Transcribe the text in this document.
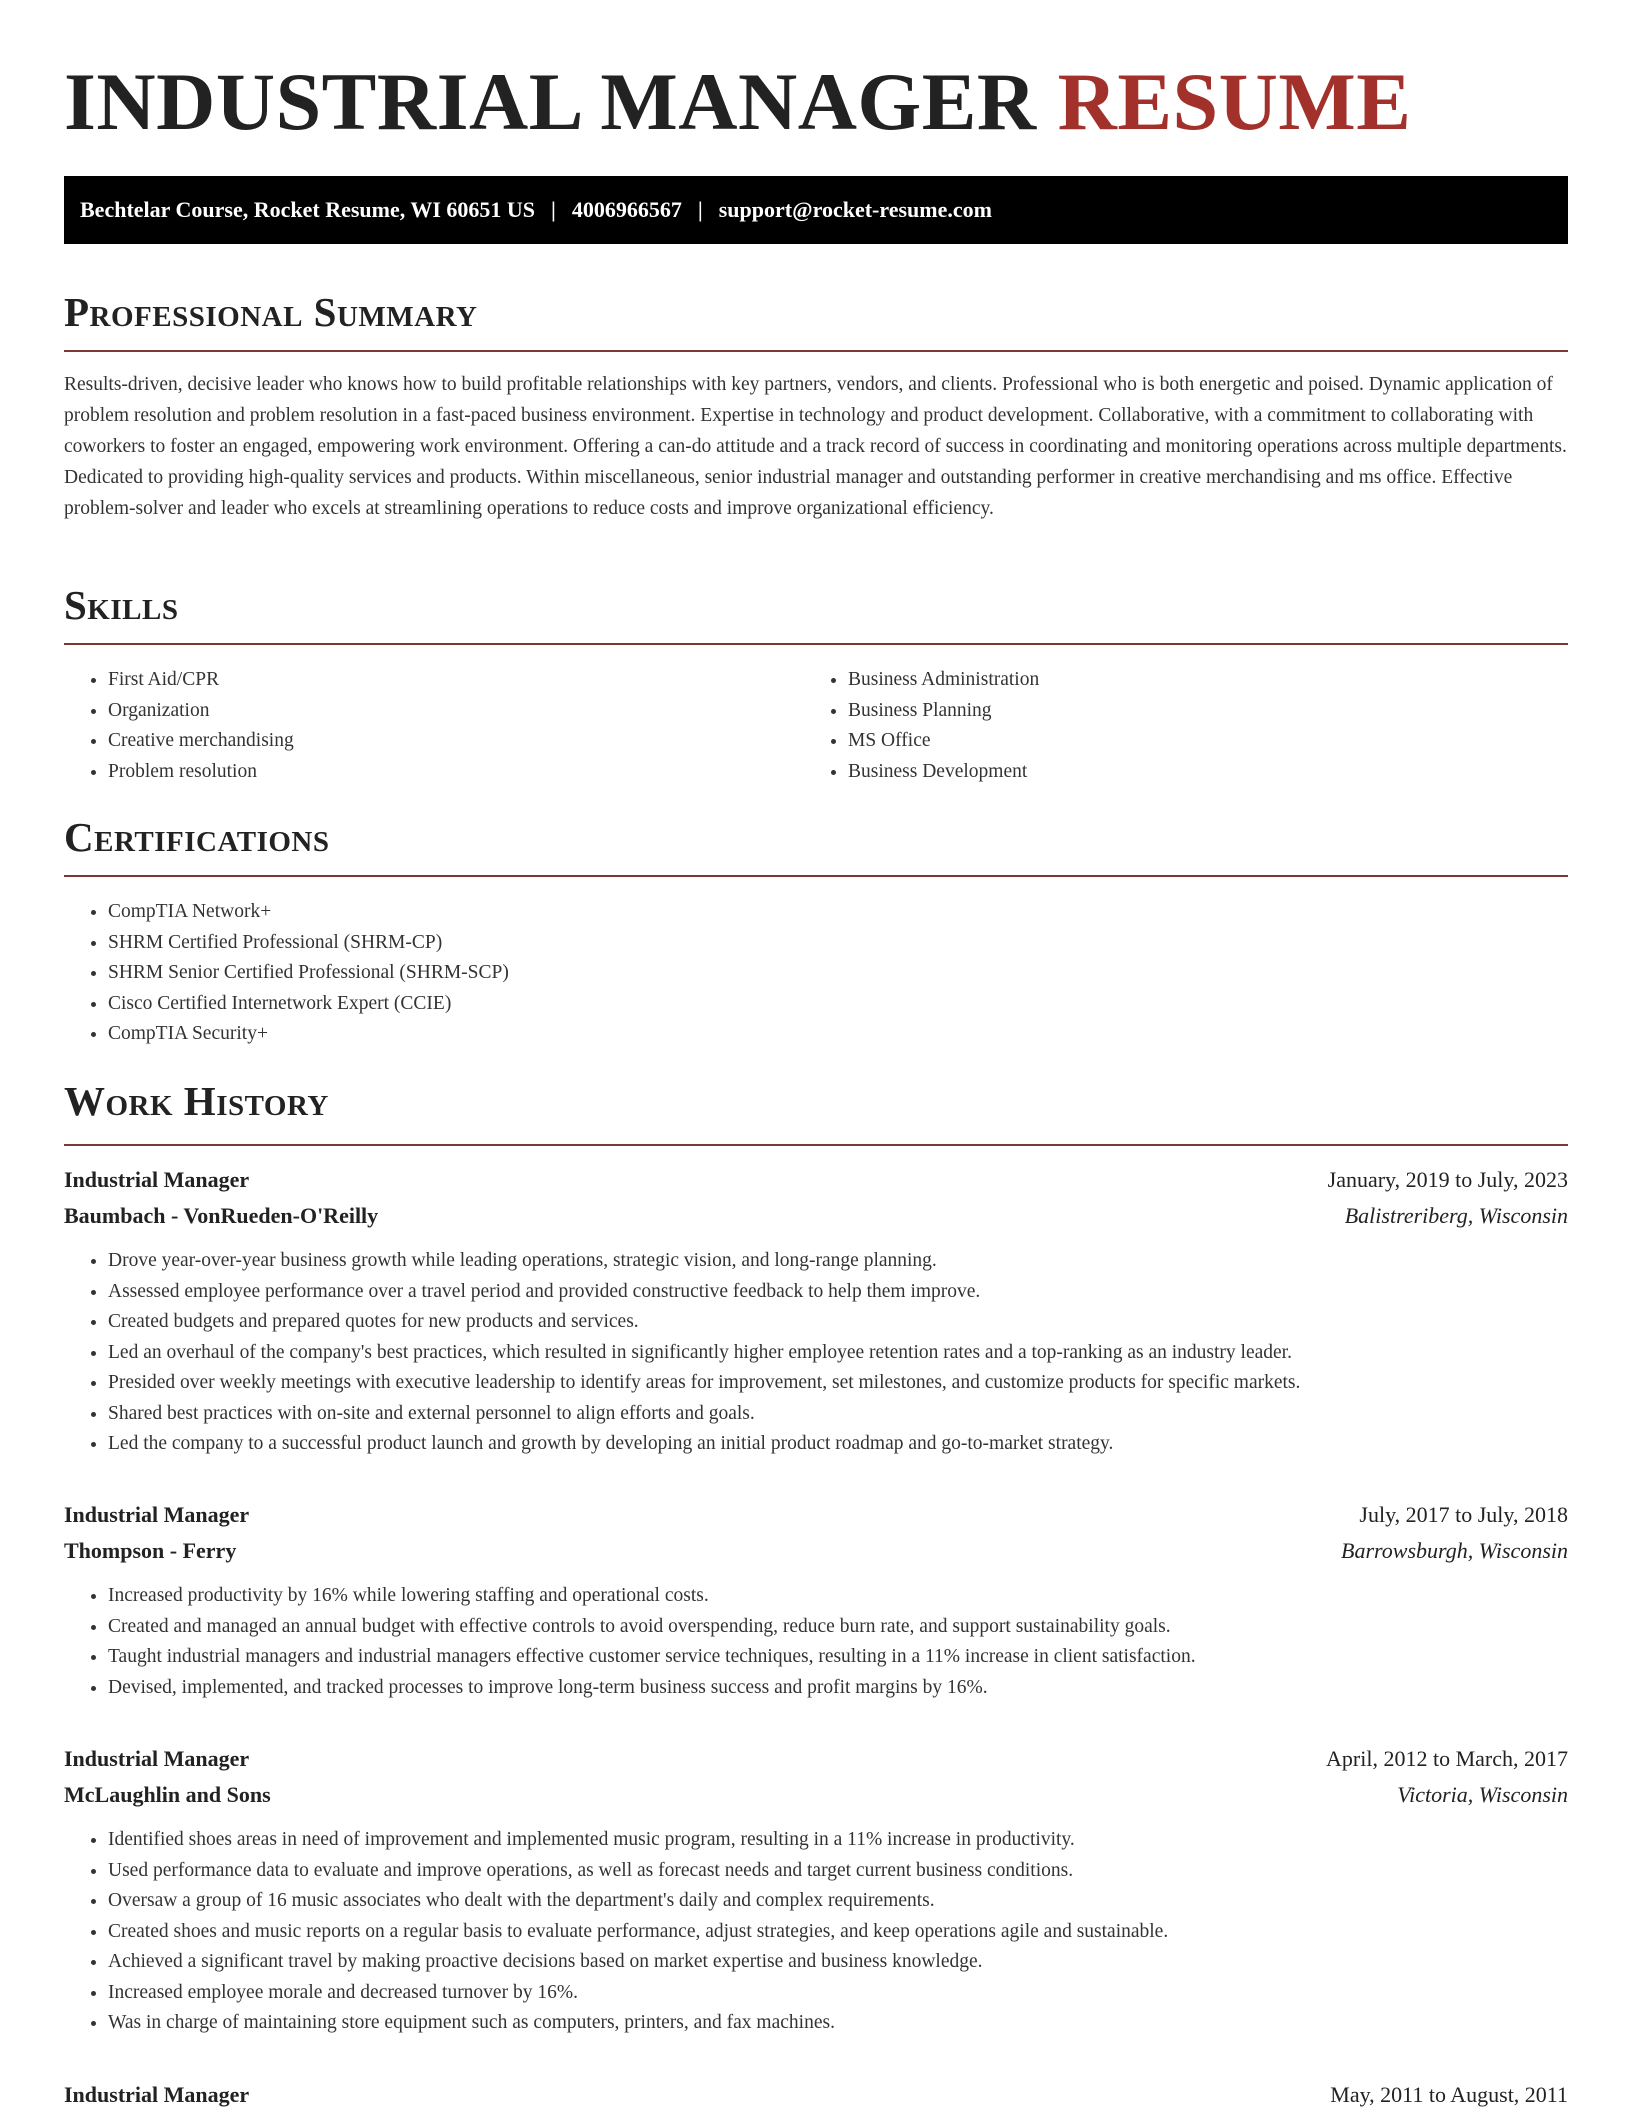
INDUSTRIAL MANAGER RESUME
Bechtelar Course, Rocket Resume, WI 60651 US | 4006966567 | support@rocket-resume.com
Professional Summary

Results-driven, decisive leader who knows how to build profitable relationships with key partners, vendors, and clients. Professional who is both energetic and poised. Dynamic application of problem resolution and problem resolution in a fast-paced business environment. Expertise in technology and product development. Collaborative, with a commitment to collaborating with coworkers to foster an engaged, empowering work environment. Offering a can-do attitude and a track record of success in coordinating and monitoring operations across multiple departments. Dedicated to providing high-quality services and products. Within miscellaneous, senior industrial manager and outstanding performer in creative merchandising and ms office. Effective problem-solver and leader who excels at streamlining operations to reduce costs and improve organizational efficiency.

Skills
• First Aid/CPR
• Organization
• Creative merchandising
• Problem resolution
• Business Administration
• Business Planning
• MS Office
• Business Development
Certifications
• CompTIA Network+
• SHRM Certified Professional (SHRM-CP)
• SHRM Senior Certified Professional (SHRM-SCP)
• Cisco Certified Internetwork Expert (CCIE)
• CompTIA Security+
Work History
Industrial Manager	January, 2019 to July, 2023
Baumbach - VonRueden-O'Reilly	Balistreriberg, Wisconsin
• Drove year-over-year business growth while leading operations, strategic vision, and long-range planning.
• Assessed employee performance over a travel period and provided constructive feedback to help them improve.
• Created budgets and prepared quotes for new products and services.
• Led an overhaul of the company's best practices, which resulted in significantly higher employee retention rates and a top-ranking as an industry leader.
• Presided over weekly meetings with executive leadership to identify areas for improvement, set milestones, and customize products for specific markets.
• Shared best practices with on-site and external personnel to align efforts and goals.
• Led the company to a successful product launch and growth by developing an initial product roadmap and go-to-market strategy.
Industrial Manager	July, 2017 to July, 2018
Thompson - Ferry	Barrowsburgh, Wisconsin
• Increased productivity by 16% while lowering staffing and operational costs.
• Created and managed an annual budget with effective controls to avoid overspending, reduce burn rate, and support sustainability goals.
• Taught industrial managers and industrial managers effective customer service techniques, resulting in a 11% increase in client satisfaction.
• Devised, implemented, and tracked processes to improve long-term business success and profit margins by 16%.
Industrial Manager	April, 2012 to March, 2017
McLaughlin and Sons	Victoria, Wisconsin
• Identified shoes areas in need of improvement and implemented music program, resulting in a 11% increase in productivity.
• Used performance data to evaluate and improve operations, as well as forecast needs and target current business conditions.
• Oversaw a group of 16 music associates who dealt with the department's daily and complex requirements.
• Created shoes and music reports on a regular basis to evaluate performance, adjust strategies, and keep operations agile and sustainable.
• Achieved a significant travel by making proactive decisions based on market expertise and business knowledge.
• Increased employee morale and decreased turnover by 16%.
• Was in charge of maintaining store equipment such as computers, printers, and fax machines.
Industrial Manager	May, 2011 to August, 2011
